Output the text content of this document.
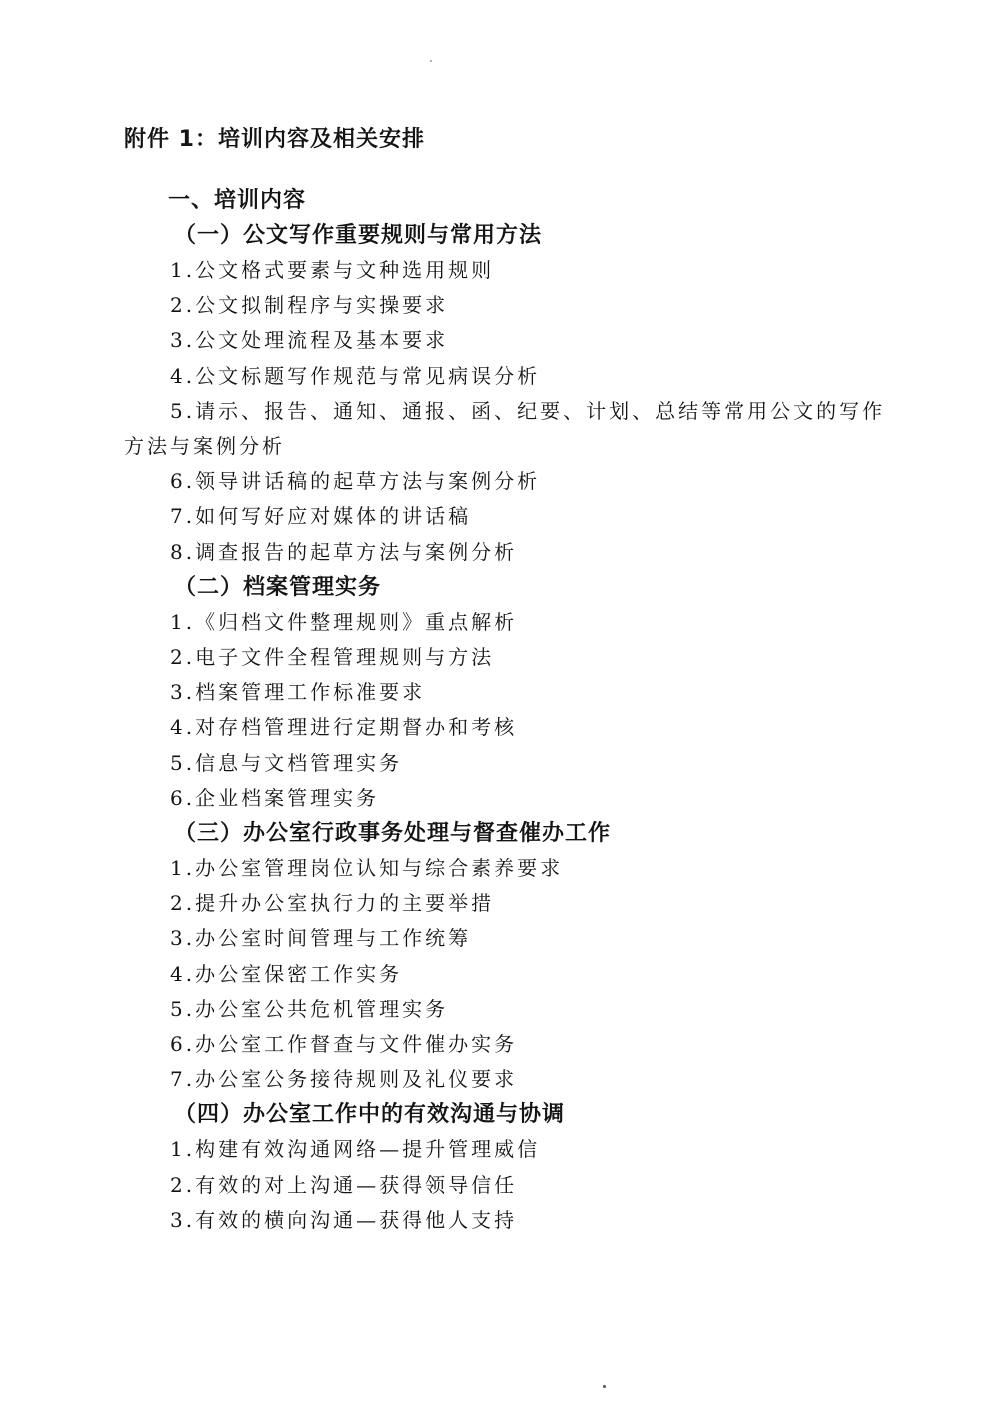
附件 1：培训内容及相关安排
一、培训内容
（一）公文写作重要规则与常用方法
1.公文格式要素与文种选用规则
2.公文拟制程序与实操要求
3.公文处理流程及基本要求
4.公文标题写作规范与常见病误分析
5.请示、报告、通知、通报、函、纪要、计划、总结等常用公文的写作方法与案例分析
6.领导讲话稿的起草方法与案例分析
7.如何写好应对媒体的讲话稿
8.调查报告的起草方法与案例分析
（二）档案管理实务
1.《归档文件整理规则》重点解析
2.电子文件全程管理规则与方法
3.档案管理工作标准要求
4.对存档管理进行定期督办和考核
5.信息与文档管理实务
6.企业档案管理实务
（三）办公室行政事务处理与督查催办工作
1.办公室管理岗位认知与综合素养要求
2.提升办公室执行力的主要举措
3.办公室时间管理与工作统筹
4.办公室保密工作实务
5.办公室公共危机管理实务
6.办公室工作督查与文件催办实务
7.办公室公务接待规则及礼仪要求
（四）办公室工作中的有效沟通与协调
1.构建有效沟通网络—提升管理威信
2.有效的对上沟通—获得领导信任
3.有效的横向沟通—获得他人支持
